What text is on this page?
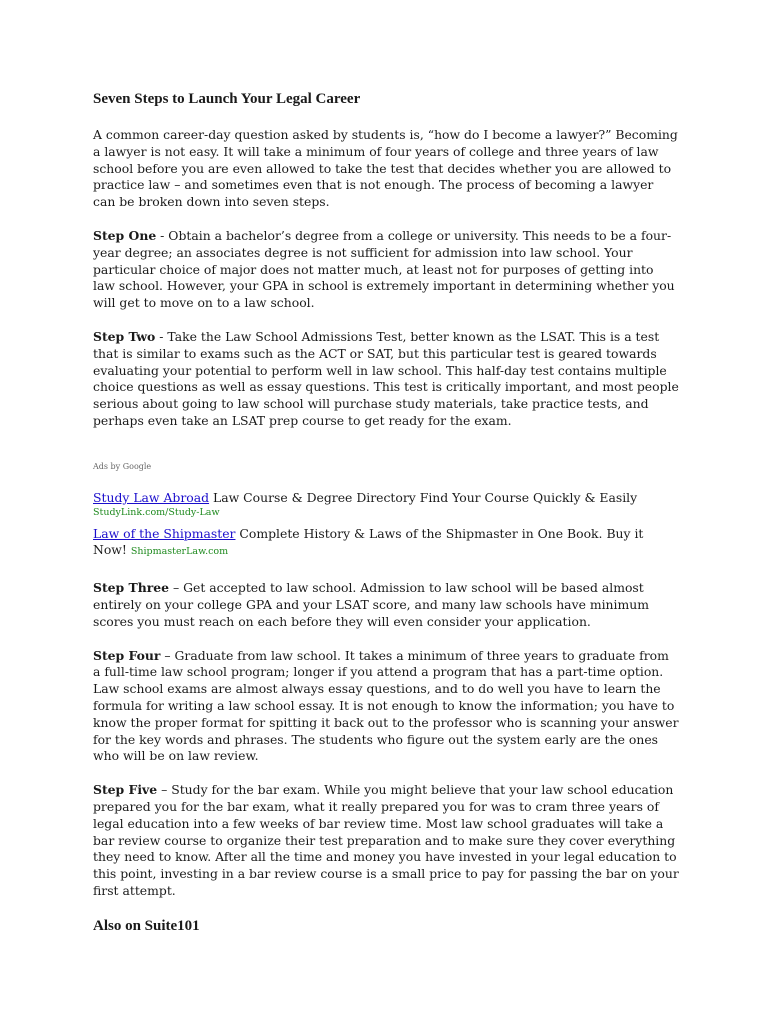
Seven Steps to Launch Your Legal Career

A common career-day question asked by students is, “how do I become a lawyer?” Becoming a lawyer is not easy. It will take a minimum of four years of college and three years of law school before you are even allowed to take the test that decides whether you are allowed to practice law – and sometimes even that is not enough. The process of becoming a lawyer can be broken down into seven steps.

Step One - Obtain a bachelor’s degree from a college or university. This needs to be a four-year degree; an associates degree is not sufficient for admission into law school. Your particular choice of major does not matter much, at least not for purposes of getting into law school. However, your GPA in school is extremely important in determining whether you will get to move on to a law school.

Step Two - Take the Law School Admissions Test, better known as the LSAT. This is a test that is similar to exams such as the ACT or SAT, but this particular test is geared towards evaluating your potential to perform well in law school. This half-day test contains multiple choice questions as well as essay questions. This test is critically important, and most people serious about going to law school will purchase study materials, take practice tests, and perhaps even take an LSAT prep course to get ready for the exam.

Ads by Google
Study Law Abroad Law Course & Degree Directory Find Your Course Quickly & Easily
StudyLink.com/Study-Law
Law of the Shipmaster Complete History & Laws of the Shipmaster in One Book. Buy it Now! ShipmasterLaw.com

Step Three – Get accepted to law school. Admission to law school will be based almost entirely on your college GPA and your LSAT score, and many law schools have minimum scores you must reach on each before they will even consider your application.

Step Four – Graduate from law school. It takes a minimum of three years to graduate from a full-time law school program; longer if you attend a program that has a part-time option. Law school exams are almost always essay questions, and to do well you have to learn the formula for writing a law school essay. It is not enough to know the information; you have to know the proper format for spitting it back out to the professor who is scanning your answer for the key words and phrases. The students who figure out the system early are the ones who will be on law review.

Step Five – Study for the bar exam. While you might believe that your law school education prepared you for the bar exam, what it really prepared you for was to cram three years of legal education into a few weeks of bar review time. Most law school graduates will take a bar review course to organize their test preparation and to make sure they cover everything they need to know. After all the time and money you have invested in your legal education to this point, investing in a bar review course is a small price to pay for passing the bar on your first attempt.

Also on Suite101
